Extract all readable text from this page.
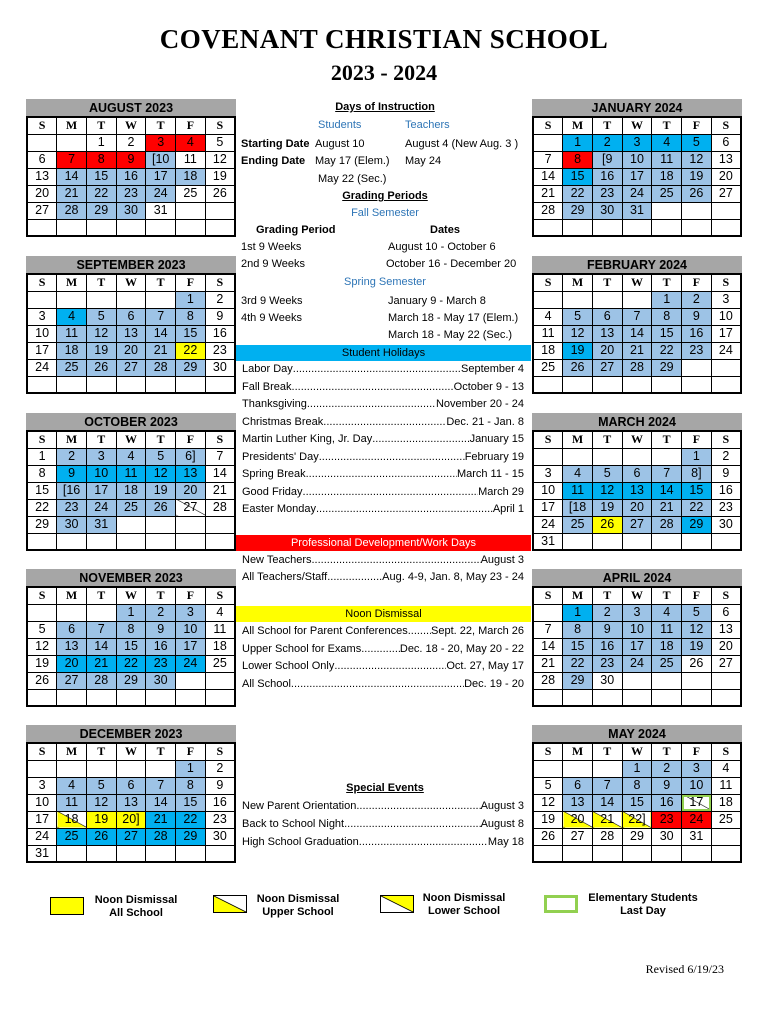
COVENANT CHRISTIAN SCHOOL
2023 - 2024
AUGUST 2023
S	M	T	W	T	F	S
		1	2	3	4	5
6	7	8	9	[10	11	12
13	14	15	16	17	18	19
20	21	22	23	24	25	26
27	28	29	30	31		

SEPTEMBER 2023
S	M	T	W	T	F	S
					1	2
3	4	5	6	7	8	9
10	11	12	13	14	15	16
17	18	19	20	21	22	23
24	25	26	27	28	29	30

OCTOBER 2023
S	M	T	W	T	F	S
1	2	3	4	5	6]	7
8	9	10	11	12	13	14
15	[16	17	18	19	20	21
22	23	24	25	26	27	28
29	30	31				

NOVEMBER 2023
S	M	T	W	T	F	S
			1	2	3	4
5	6	7	8	9	10	11
12	13	14	15	16	17	18
19	20	21	22	23	24	25
26	27	28	29	30		

DECEMBER 2023
S	M	T	W	T	F	S
					1	2
3	4	5	6	7	8	9
10	11	12	13	14	15	16
17	18	19	20]	21	22	23
24	25	26	27	28	29	30
31						
JANUARY 2024
S	M	T	W	T	F	S
	1	2	3	4	5	6
7	8	[9	10	11	12	13
14	15	16	17	18	19	20
21	22	23	24	25	26	27
28	29	30	31			

FEBRUARY 2024
S	M	T	W	T	F	S
				1	2	3
4	5	6	7	8	9	10
11	12	13	14	15	16	17
18	19	20	21	22	23	24
25	26	27	28	29		

MARCH 2024
S	M	T	W	T	F	S
					1	2
3	4	5	6	7	8]	9
10	11	12	13	14	15	16
17	[18	19	20	21	22	23
24	25	26	27	28	29	30
31						
APRIL 2024
S	M	T	W	T	F	S
	1	2	3	4	5	6
7	8	9	10	11	12	13
14	15	16	17	18	19	20
21	22	23	24	25	26	27
28	29	30				

MAY 2024
S	M	T	W	T	F	S
			1	2	3	4
5	6	7	8	9	10	11
12	13	14	15	16	17	18
19	20	21	22]	23	24	25
26	27	28	29	30	31	

Days of Instruction
Students	Teachers
Starting Date August 10	August 4 (New Aug. 3 )
Ending Date May 17 (Elem.) May 24
May 22 (Sec.)
Grading Periods
Fall Semester
Grading Period	Dates
1st 9 Weeks	August 10 - October 6
2nd 9 Weeks	October 16 - December 20
Spring Semester
3rd 9 Weeks	January 9 - March 8
4th 9 Weeks	March 18 - May 17 (Elem.)
March 18 - May 22 (Sec.)
Student Holidays
Labor Day .....	September 4
Fall Break .....	October 9 - 13
Thanksgiving .....	November 20 - 24
Christmas Break .....	Dec. 21 - Jan. 8
Martin Luther King, Jr. Day .....	January 15
Presidents' Day .....	February 19
Spring Break .....	March 11 - 15
Good Friday .....	March 29
Easter Monday .....	April 1
Professional Development/Work Days
New Teachers .....	August 3
All Teachers/Staff .....	Aug. 4-9, Jan. 8, May 23 - 24
Noon Dismissal
All School for Parent Conferences ..... Sept. 22, March 26
Upper School for Exams .....	Dec. 18 - 20, May 20 - 22
Lower School Only .....	Oct. 27, May 17
All School .....	Dec. 19 - 20
Special Events
New Parent Orientation .....	August 3
Back to School Night .....	August 8
High School Graduation .....	May 18
Noon Dismissal
All School
Noon Dismissal
Upper School
Noon Dismissal
Lower School
Elementary Students
Last Day
Revised 6/19/23
